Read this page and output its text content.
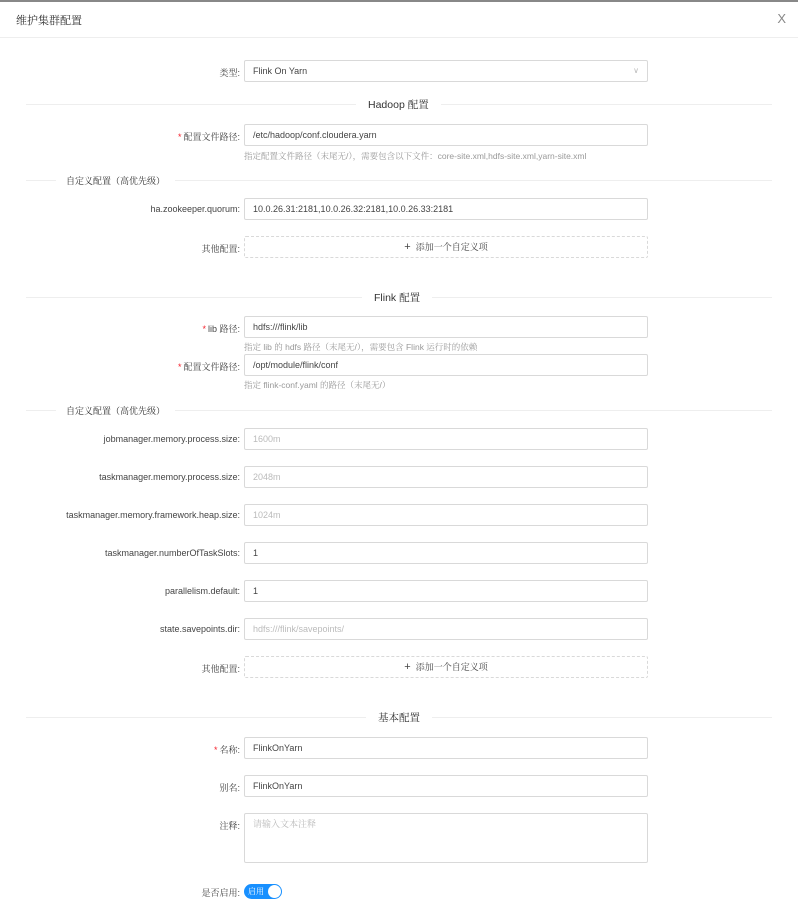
维护集群配置	X
类型:	Flink On Yarn	∨
Hadoop 配置
* 配置文件路径:	/etc/hadoop/conf.cloudera.yarn
指定配置文件路径（末尾无/），需要包含以下文件：core-site.xml,hdfs-site.xml,yarn-site.xml
自定义配置（高优先级）
ha.zookeeper.quorum:	10.0.26.31:2181,10.0.26.32:2181,10.0.26.33:2181
其他配置:	+ 添加一个自定义项
Flink 配置
* lib 路径:	hdfs:///flink/lib
指定 lib 的 hdfs 路径（末尾无/），需要包含 Flink 运行时的依赖
* 配置文件路径:	/opt/module/flink/conf
指定 flink-conf.yaml 的路径（末尾无/）
自定义配置（高优先级）
jobmanager.memory.process.size:	1600m
taskmanager.memory.process.size:	2048m
taskmanager.memory.framework.heap.size:	1024m
taskmanager.numberOfTaskSlots:	1
parallelism.default:	1
state.savepoints.dir:	hdfs:///flink/savepoints/
其他配置:	+ 添加一个自定义项
基本配置
* 名称:	FlinkOnYarn
别名:	FlinkOnYarn
注释:	请输入文本注释
是否启用:	启用
